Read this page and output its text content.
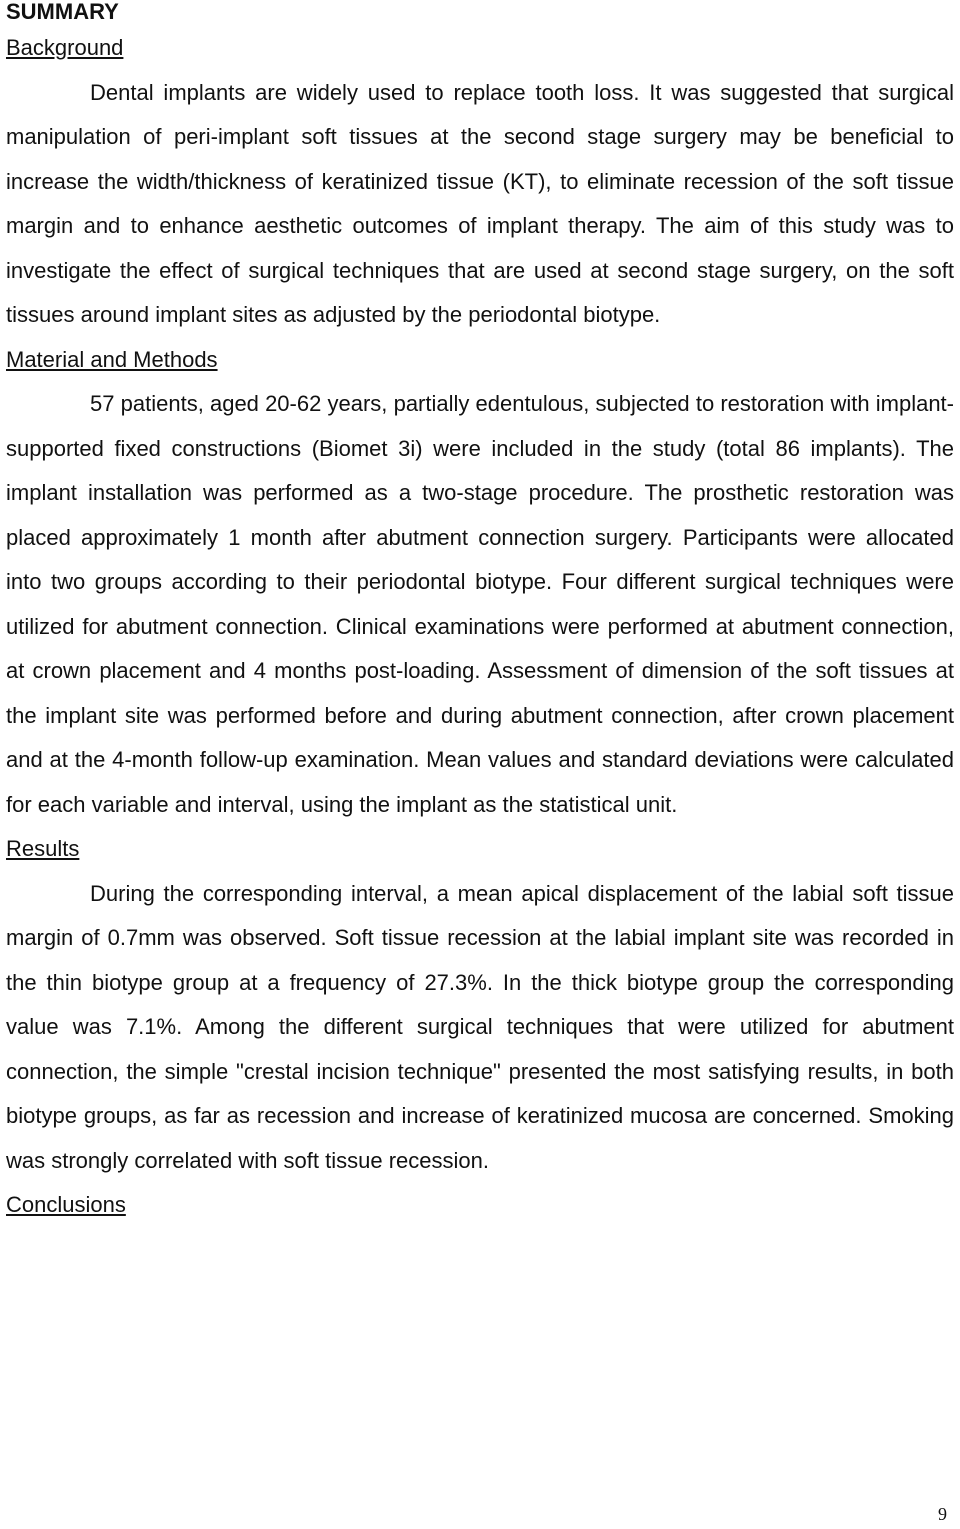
SUMMARY
Background

Dental implants are widely used to replace tooth loss. It was suggested that surgical manipulation of peri-implant soft tissues at the second stage surgery may be beneficial to increase the width/thickness of keratinized tissue (KT), to eliminate recession of the soft tissue margin and to enhance aesthetic outcomes of implant therapy. The aim of this study was to investigate the effect of surgical techniques that are used at second stage surgery, on the soft tissues around implant sites as adjusted by the periodontal biotype.

Material and Methods

57 patients, aged 20-62 years, partially edentulous, subjected to restoration with implant-supported fixed constructions (Biomet 3i) were included in the study (total 86 implants). The implant installation was performed as a two-stage procedure. The prosthetic restoration was placed approximately 1 month after abutment connection surgery. Participants were allocated into two groups according to their periodontal biotype. Four different surgical techniques were utilized for abutment connection. Clinical examinations were performed at abutment connection, at crown placement and 4 months post-loading. Assessment of dimension of the soft tissues at the implant site was performed before and during abutment connection, after crown placement and at the 4-month follow-up examination. Mean values and standard deviations were calculated for each variable and interval, using the implant as the statistical unit.

Results

During the corresponding interval, a mean apical displacement of the labial soft tissue margin of 0.7mm was observed. Soft tissue recession at the labial implant site was recorded in the thin biotype group at a frequency of 27.3%. In the thick biotype group the corresponding value was 7.1%. Among the different surgical techniques that were utilized for abutment connection, the simple "crestal incision technique" presented the most satisfying results, in both biotype groups, as far as recession and increase of keratinized mucosa are concerned. Smoking was strongly correlated with soft tissue recession.

Conclusions
9
